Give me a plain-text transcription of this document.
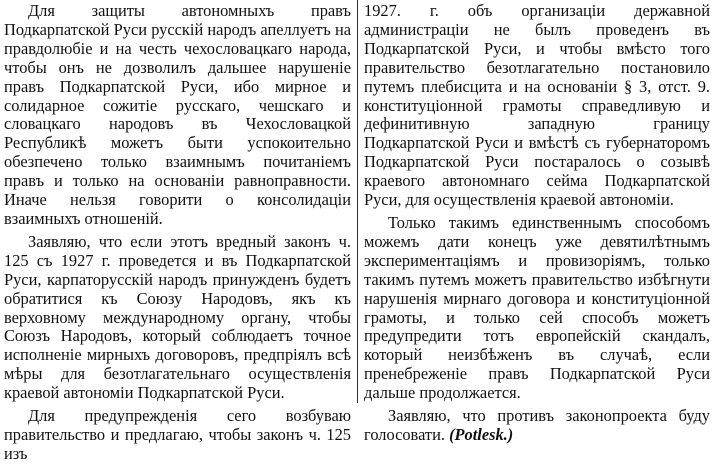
Для защиты автономныхъ правъ Подкарпатской Руси русскiй народъ апеллуетъ на правдолюбiе и на честь чехословацкаго народа, чтобы онъ не дозволилъ дальшее нарушенiе правъ Подкарпатской Руси, ибо мирное и солидарное сожитiе русскаго, чешскаго и словацкаго народовъ въ Чехословацкой Республикѣ можетъ быти успокоительно обезпечено только взаимнымъ почитанiемъ правъ и только на основанiи равноправности. Иначе нельзя говорити о консолидацiи взаимныхъ отношенiй.

Заявляю, что если этотъ вредный законъ ч. 125 съ 1927 г. проведется и въ Подкарпатской Руси, карпаторусскiй народъ принужденъ будетъ обратитися къ Союзу Народовъ, якъ къ верховному международному органу, чтобы Союзъ Народовъ, который соблюдаетъ точное исполненiе мирныхъ договоровъ, предпрiялъ всѣ мѣры для безотлагательнаго осуществленiя краевой автономiи Подкарпатской Руси.

Для предупрежденiя сего возбуваю правительство и предлагаю, чтобы законъ ч. 125 изъ

1927. г. объ организацiи державной администрацiи не былъ проведенъ въ Подкарпатской Руси, и чтобы вмѣсто того правительство безотлагательно постановило путемъ плебисцита и на основанiи § 3, отст. 9. конституцiонной грамоты справедливую и дефинитивную западную границу Подкарпатской Руси и вмѣстѣ съ губернаторомъ Подкарпатской Руси постаралось о созывѣ краевого автономнаго сейма Подкарпатской Руси, для осуществленiя краевой автономiи.

Только такимъ единственнымъ способомъ можемъ дати конецъ уже девятилѣтнымъ экспериментацiямъ и провизорiямъ, только такимъ путемъ можетъ правительство избѣгнути нарушенiя мирнаго договора и конституцiонной грамоты, и только сей способъ можетъ предупредити тотъ европейскiй скандалъ, который неизбѣженъ въ случаѣ, если пренебреженiе правъ Подкарпатской Руси дальше продолжается.

Заявляю, что противъ законопроекта буду голосовати. (Potlesk.)
